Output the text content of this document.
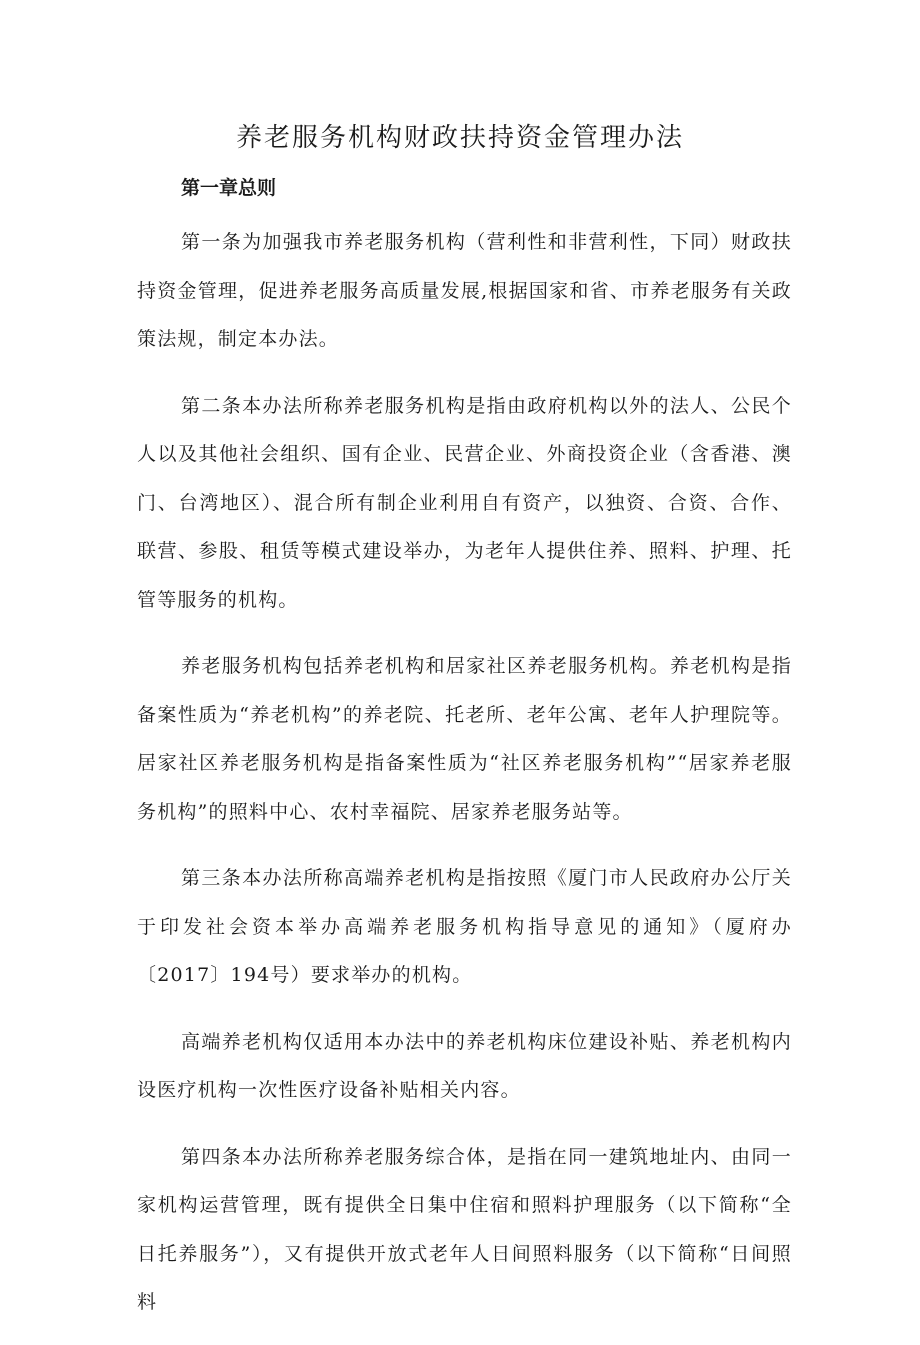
养老服务机构财政扶持资金管理办法
第一章总则

第一条为加强我市养老服务机构（营利性和非营利性，下同）财政扶持资金管理，促进养老服务高质量发展,根据国家和省、市养老服务有关政策法规，制定本办法。

第二条本办法所称养老服务机构是指由政府机构以外的法人、公民个人以及其他社会组织、国有企业、民营企业、外商投资企业（含香港、澳门、台湾地区）、混合所有制企业利用自有资产，以独资、合资、合作、联营、参股、租赁等模式建设举办，为老年人提供住养、照料、护理、托管等服务的机构。

养老服务机构包括养老机构和居家社区养老服务机构。养老机构是指备案性质为“养老机构”的养老院、托老所、老年公寓、老年人护理院等。居家社区养老服务机构是指备案性质为“社区养老服务机构”“居家养老服务机构”的照料中心、农村幸福院、居家养老服务站等。

第三条本办法所称高端养老机构是指按照《厦门市人民政府办公厅关于印发社会资本举办高端养老服务机构指导意见的通知》（厦府办〔2017〕194号）要求举办的机构。

高端养老机构仅适用本办法中的养老机构床位建设补贴、养老机构内设医疗机构一次性医疗设备补贴相关内容。

第四条本办法所称养老服务综合体，是指在同一建筑地址内、由同一家机构运营管理，既有提供全日集中住宿和照料护理服务（以下简称“全日托养服务”），又有提供开放式老年人日间照料服务（以下简称“日间照料
